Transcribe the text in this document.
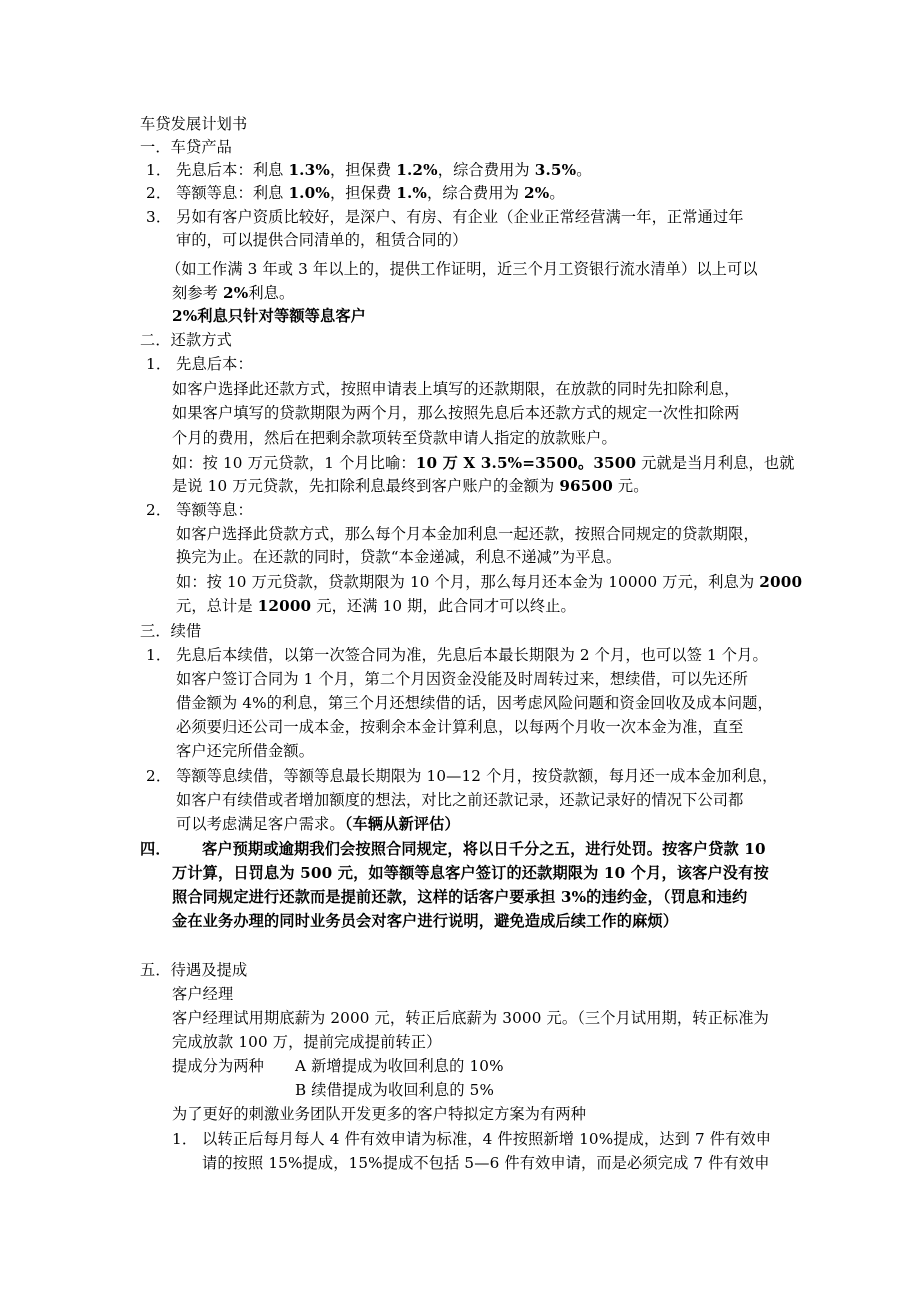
车贷发展计划书
一．车贷产品
1． 先息后本：利息 1.3%，担保费 1.2%，综合费用为 3.5%。
2． 等额等息：利息 1.0%，担保费 1.%，综合费用为 2%。
3． 另如有客户资质比较好，是深户、有房、有企业（企业正常经营满一年，正常通过年
审的，可以提供合同清单的，租赁合同的）
（如工作满 3 年或 3 年以上的，提供工作证明，近三个月工资银行流水清单）以上可以
刻参考 2%利息。
2%利息只针对等额等息客户
二．还款方式
1． 先息后本：
如客户选择此还款方式，按照申请表上填写的还款期限，在放款的同时先扣除利息，
如果客户填写的贷款期限为两个月，那么按照先息后本还款方式的规定一次性扣除两
个月的费用，然后在把剩余款项转至贷款申请人指定的放款账户。
如：按 10 万元贷款，1 个月比喻：10 万 X 3.5%=3500。3500 元就是当月利息，也就
是说 10 万元贷款，先扣除利息最终到客户账户的金额为 96500 元。
2． 等额等息：
如客户选择此贷款方式，那么每个月本金加利息一起还款，按照合同规定的贷款期限，
换完为止。在还款的同时，贷款“本金递减，利息不递减”为平息。
如：按 10 万元贷款，贷款期限为 10 个月，那么每月还本金为 10000 万元，利息为 2000
元，总计是 12000 元，还满 10 期，此合同才可以终止。
三．续借
1． 先息后本续借，以第一次签合同为准，先息后本最长期限为 2 个月，也可以签 1 个月。
如客户签订合同为 1 个月，第二个月因资金没能及时周转过来，想续借，可以先还所
借金额为 4%的利息，第三个月还想续借的话，因考虑风险问题和资金回收及成本问题，
必须要归还公司一成本金，按剩余本金计算利息，以每两个月收一次本金为准，直至
客户还完所借金额。
2． 等额等息续借，等额等息最长期限为 10—12 个月，按贷款额，每月还一成本金加利息，
如客户有续借或者增加额度的想法，对比之前还款记录，还款记录好的情况下公司都
可以考虑满足客户需求。（车辆从新评估）
四． 客户预期或逾期我们会按照合同规定，将以日千分之五，进行处罚。按客户贷款 10
万计算，日罚息为 500 元，如等额等息客户签订的还款期限为 10 个月，该客户没有按
照合同规定进行还款而是提前还款，这样的话客户要承担 3%的违约金，（罚息和违约
金在业务办理的同时业务员会对客户进行说明，避免造成后续工作的麻烦）
五．待遇及提成
客户经理
客户经理试用期底薪为 2000 元，转正后底薪为 3000 元。（三个月试用期，转正标准为
完成放款 100 万，提前完成提前转正）
提成分为两种 A 新增提成为收回利息的 10%
B 续借提成为收回利息的 5%
为了更好的刺激业务团队开发更多的客户特拟定方案为有两种
1． 以转正后每月每人 4 件有效申请为标准，4 件按照新增 10%提成，达到 7 件有效申
请的按照 15%提成，15%提成不包括 5—6 件有效申请，而是必须完成 7 件有效申
